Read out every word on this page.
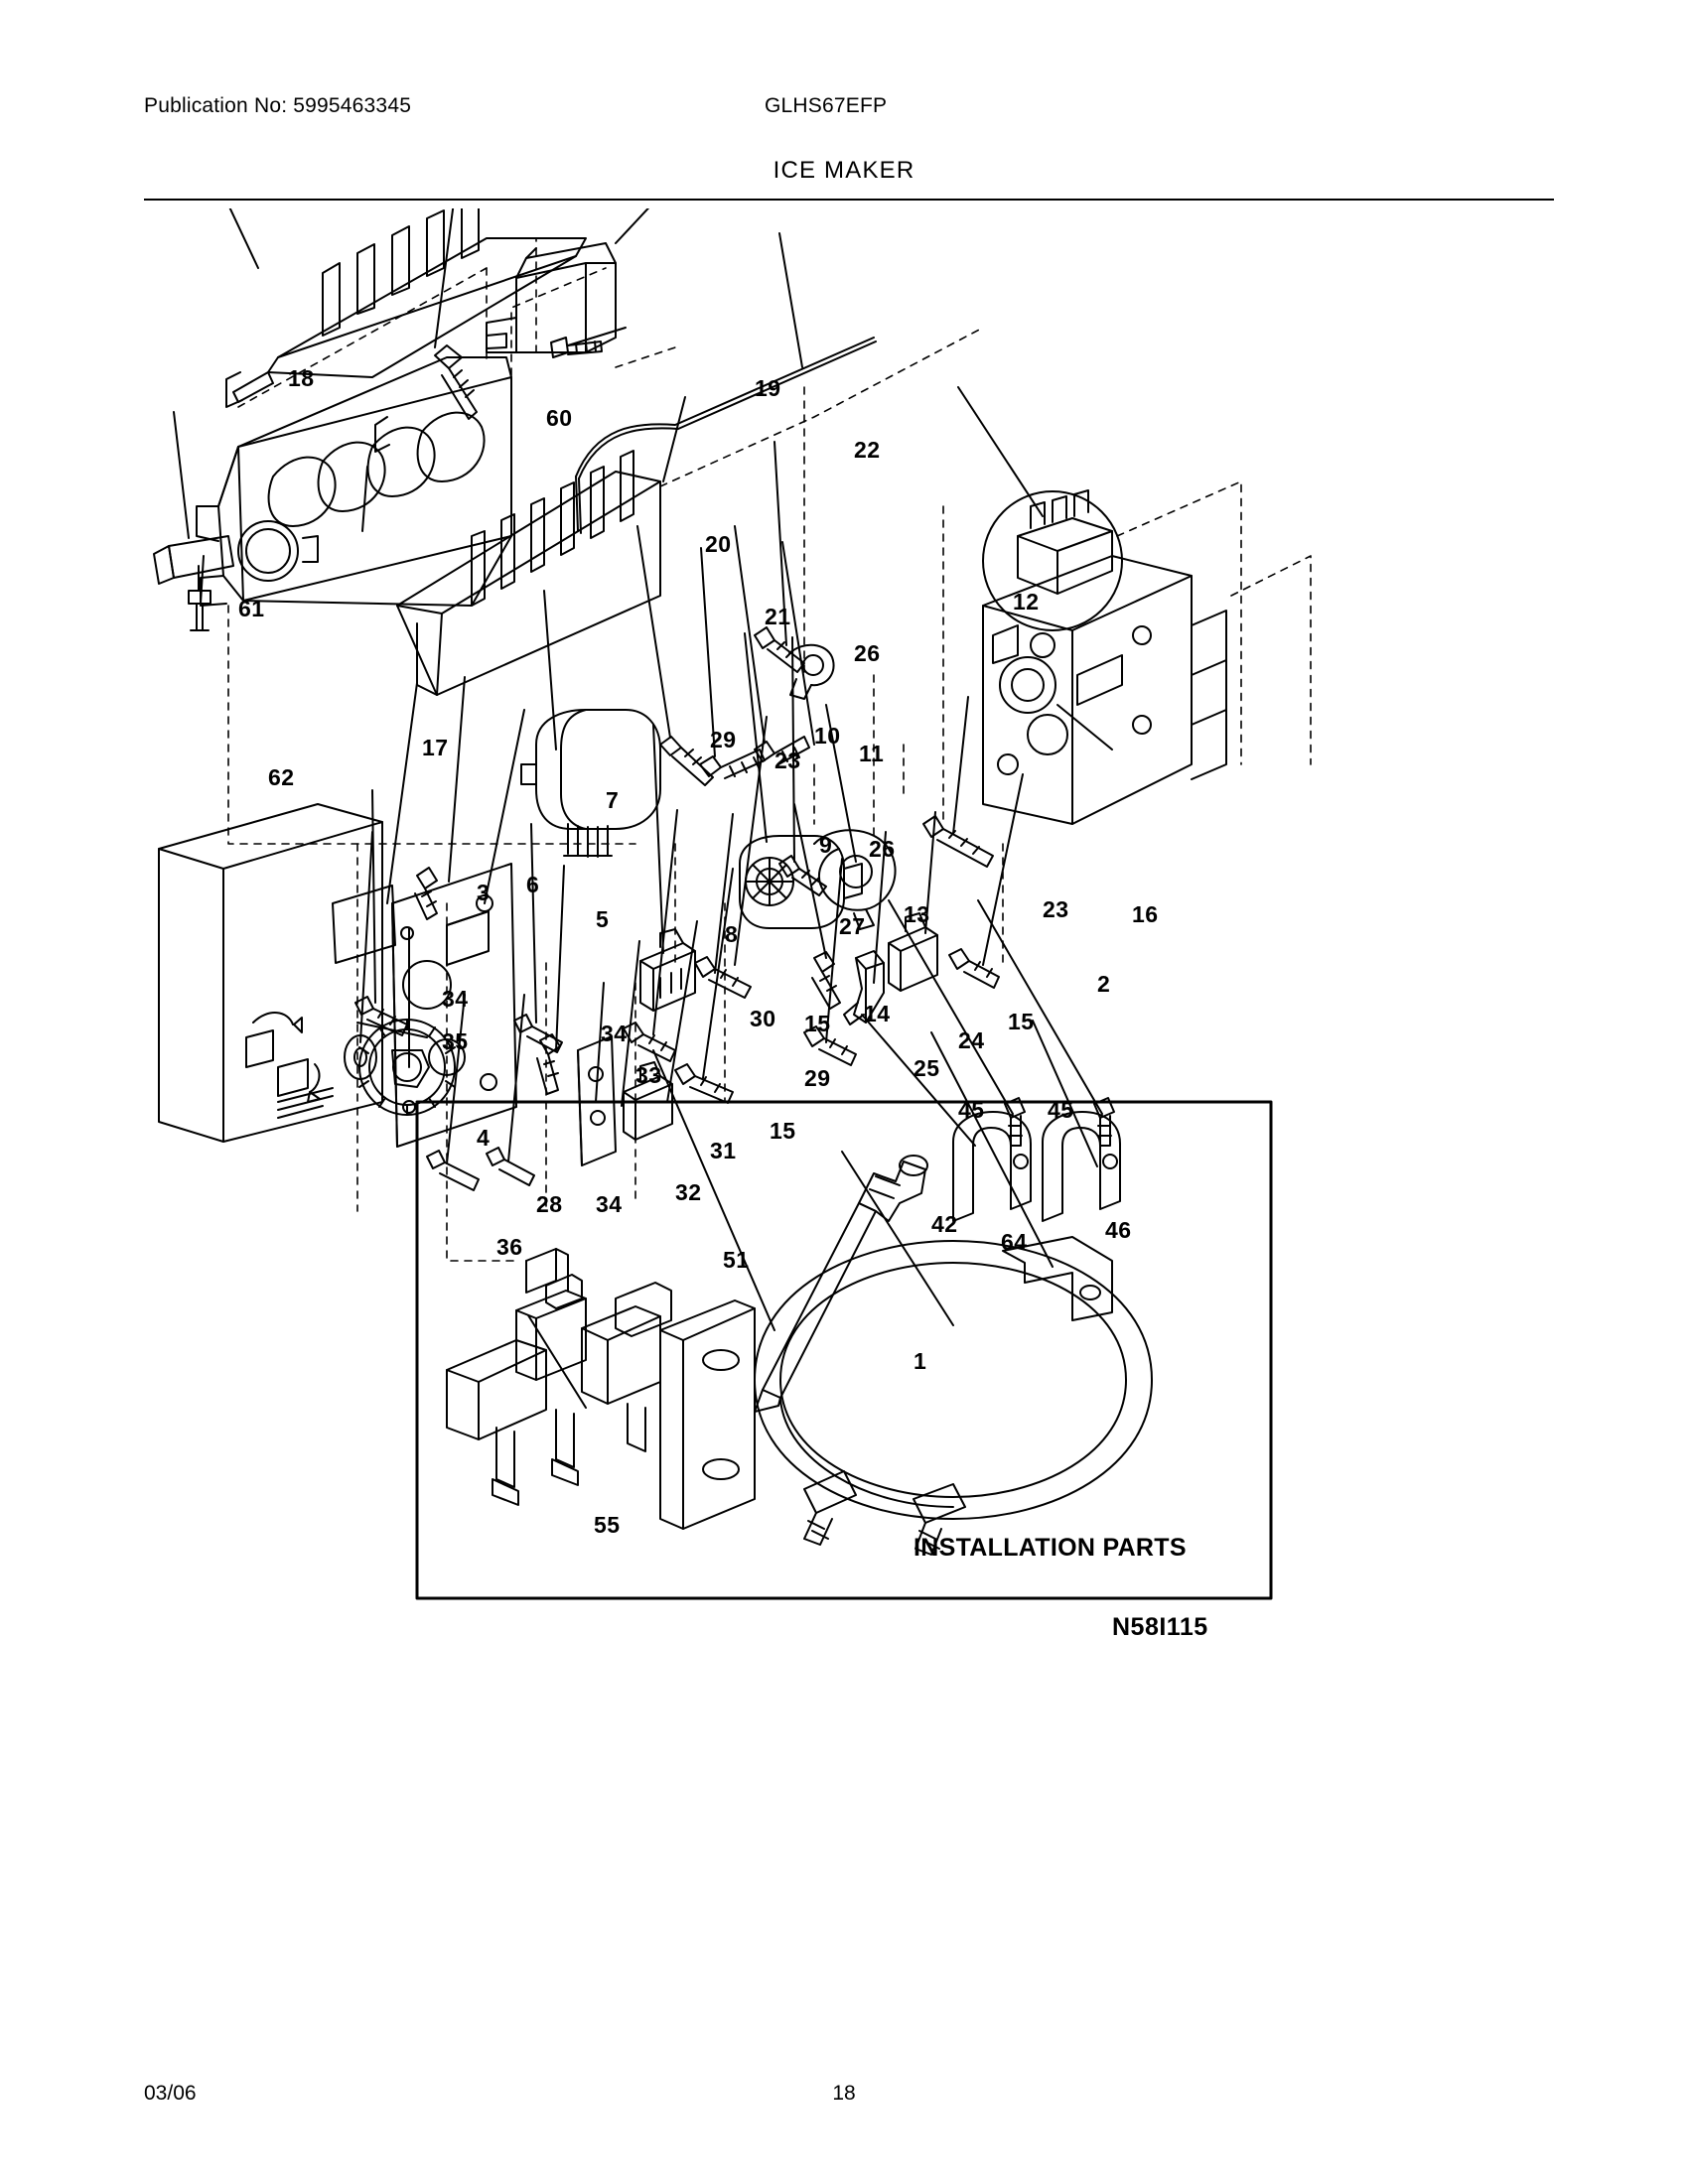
Publication No: 5995463345	GLHS67EFP
ICE MAKER
18
60
19
22
20
21
12
61
26
17
62
29
23
10
11
7
9 26
13	23	16
6
3
5
8	27
2
34
30 15 14	15
34
35	24
25
33	29
4	15
31
45	45
32
28 34
42	46
64
36	51
1
55
INSTALLATION PARTS
N58I115
03/06	18
